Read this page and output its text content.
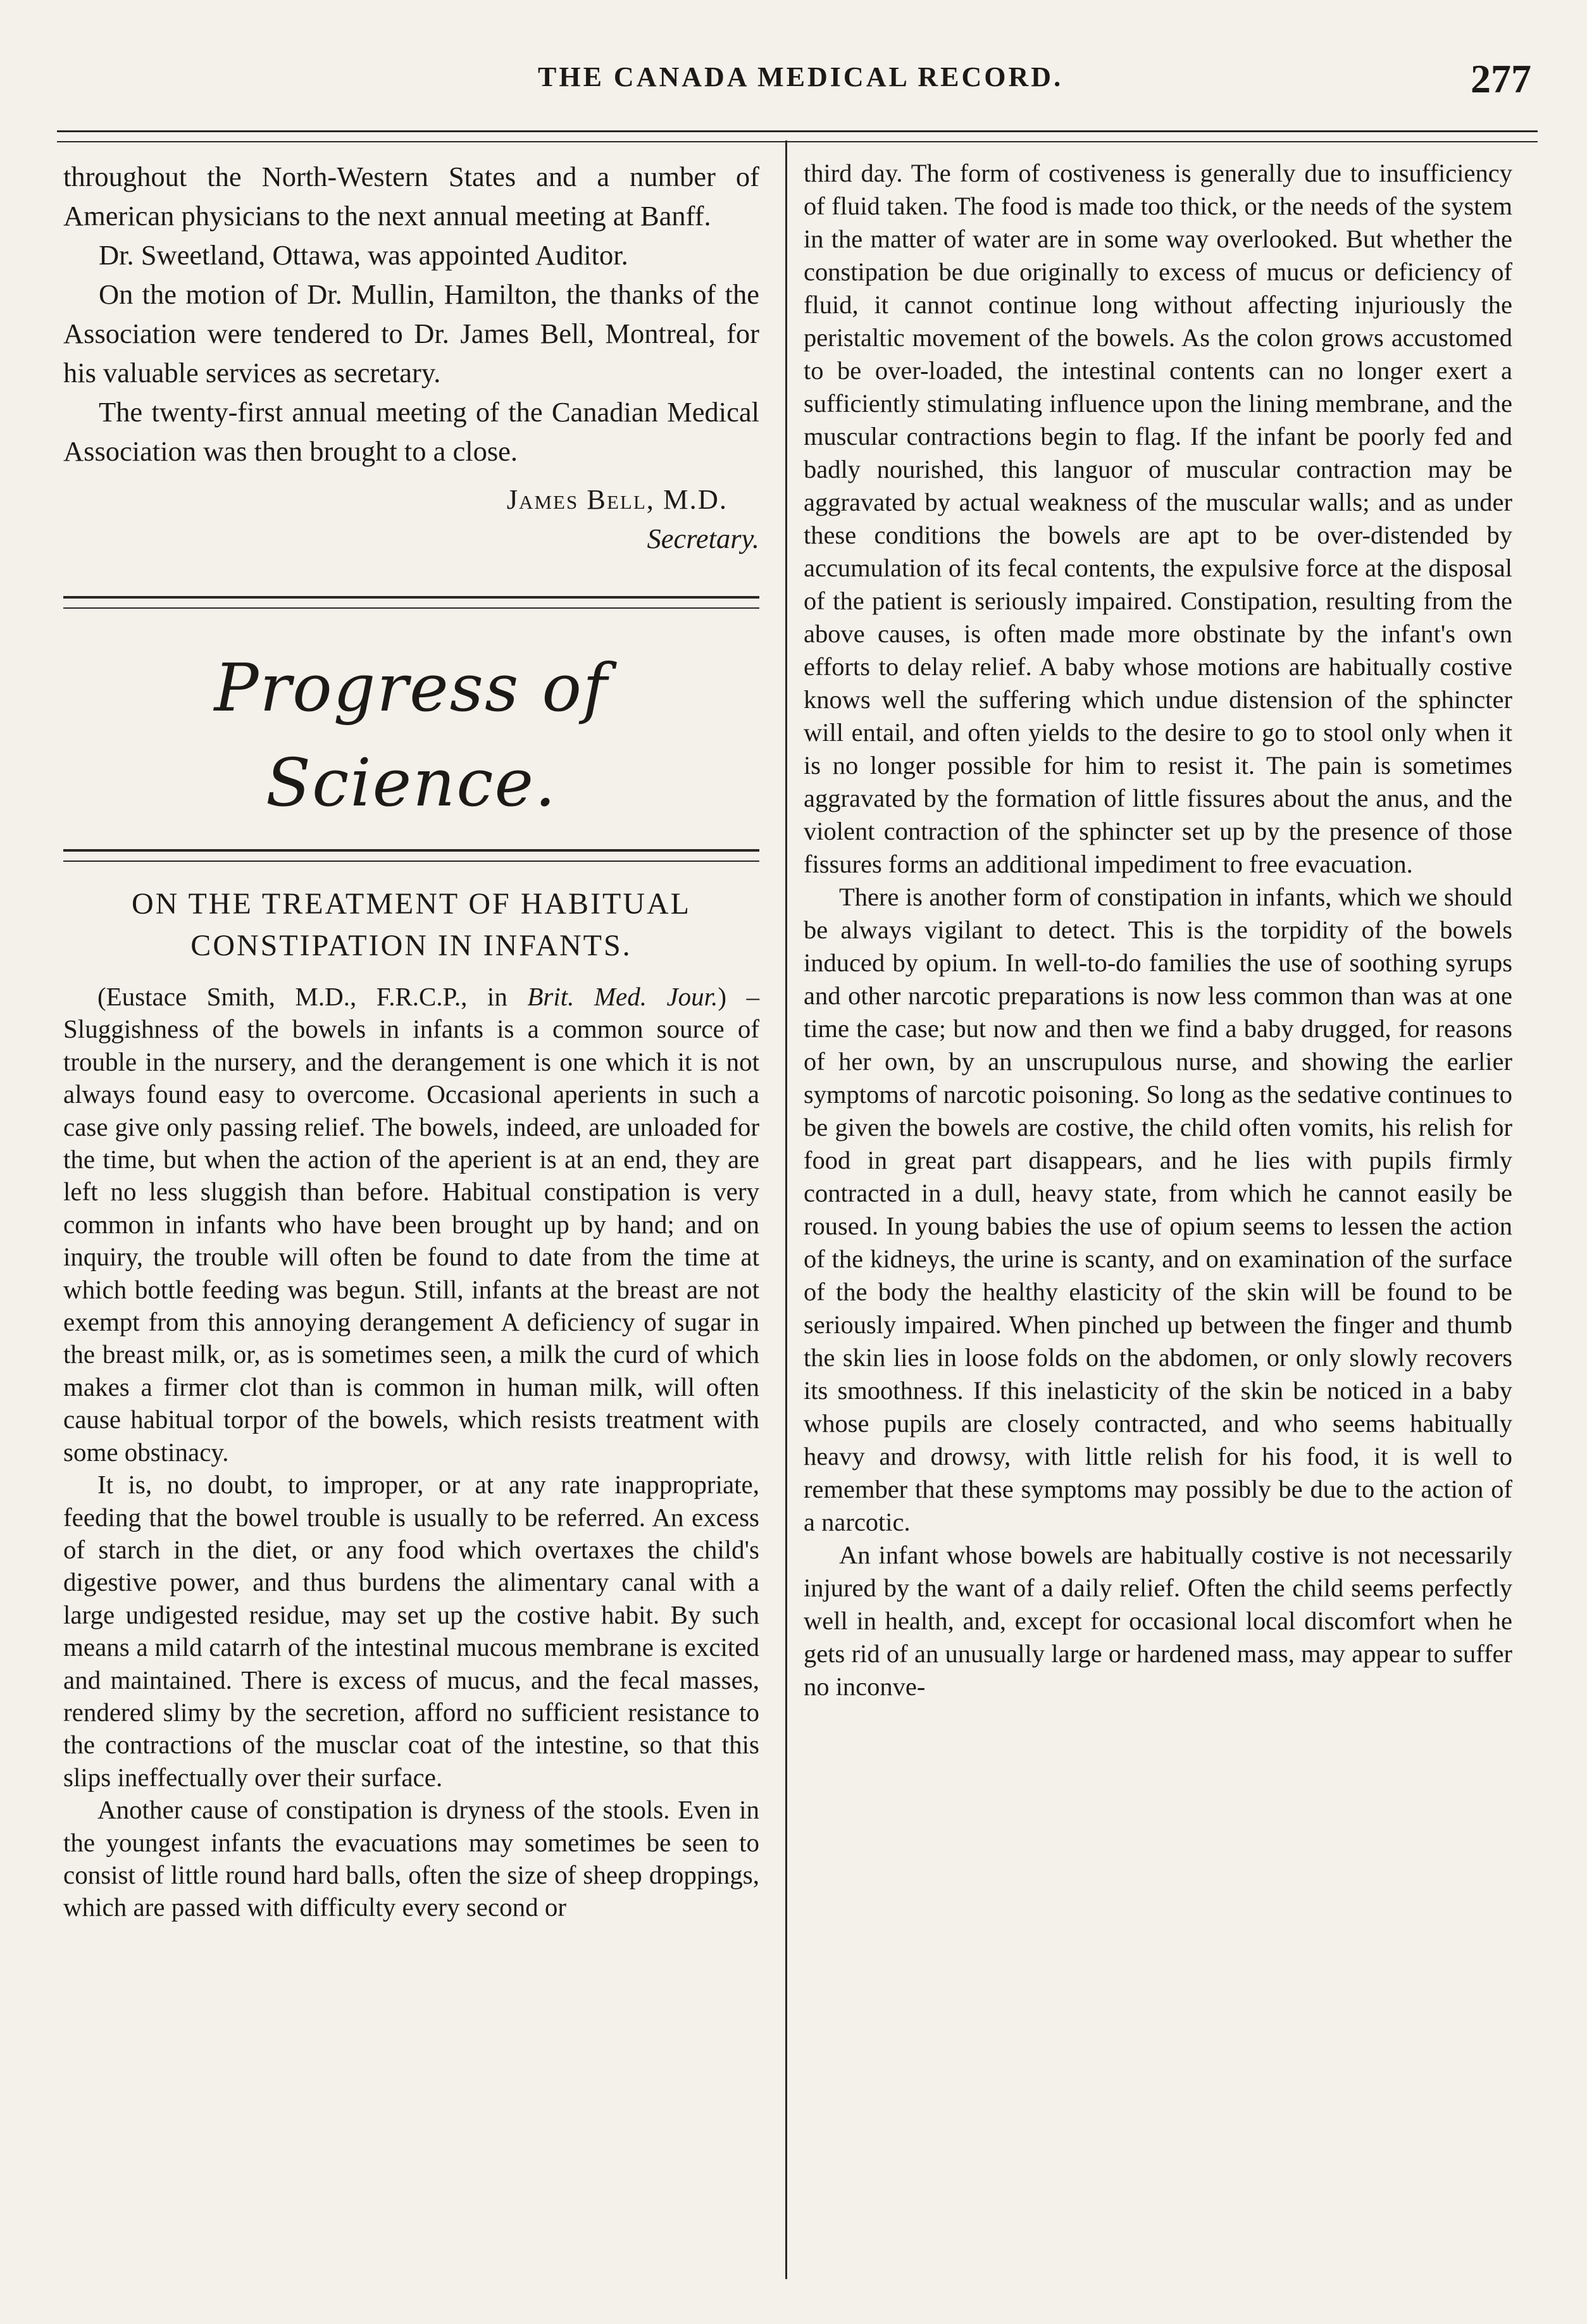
THE CANADA MEDICAL RECORD.	277

throughout the North-Western States and a number of American physicians to the next annual meeting at Banff.

Dr. Sweetland, Ottawa, was appointed Auditor.

On the motion of Dr. Mullin, Hamilton, the thanks of the Association were tendered to Dr. James Bell, Montreal, for his valuable services as secretary.

The twenty-first annual meeting of the Canadian Medical Association was then brought to a close.

James Bell, M.D.
Secretary.
Progress of Science.
ON THE TREATMENT OF HABITUAL CONSTIPATION IN INFANTS.

(Eustace Smith, M.D., F.R.C.P., in Brit. Med. Jour.) – Sluggishness of the bowels in infants is a common source of trouble in the nursery, and the derangement is one which it is not always found easy to overcome. Occasional aperients in such a case give only passing relief. The bowels, indeed, are unloaded for the time, but when the action of the aperient is at an end, they are left no less sluggish than before. Habitual constipation is very common in infants who have been brought up by hand; and on inquiry, the trouble will often be found to date from the time at which bottle feeding was begun. Still, infants at the breast are not exempt from this annoying derangement A deficiency of sugar in the breast milk, or, as is sometimes seen, a milk the curd of which makes a firmer clot than is common in human milk, will often cause habitual torpor of the bowels, which resists treatment with some obstinacy.

It is, no doubt, to improper, or at any rate inappropriate, feeding that the bowel trouble is usually to be referred. An excess of starch in the diet, or any food which overtaxes the child's digestive power, and thus burdens the alimentary canal with a large undigested residue, may set up the costive habit. By such means a mild catarrh of the intestinal mucous membrane is excited and maintained. There is excess of mucus, and the fecal masses, rendered slimy by the secretion, afford no sufficient resistance to the contractions of the musclar coat of the intestine, so that this slips ineffectually over their surface.

Another cause of constipation is dryness of the stools. Even in the youngest infants the evacuations may sometimes be seen to consist of little round hard balls, often the size of sheep droppings, which are passed with difficulty every second or

third day. The form of costiveness is generally due to insufficiency of fluid taken. The food is made too thick, or the needs of the system in the matter of water are in some way overlooked. But whether the constipation be due originally to excess of mucus or deficiency of fluid, it cannot continue long without affecting injuriously the peristaltic movement of the bowels. As the colon grows accustomed to be over-loaded, the intestinal contents can no longer exert a sufficiently stimulating influence upon the lining membrane, and the muscular contractions begin to flag. If the infant be poorly fed and badly nourished, this languor of muscular contraction may be aggravated by actual weakness of the muscular walls; and as under these conditions the bowels are apt to be over-distended by accumulation of its fecal contents, the expulsive force at the disposal of the patient is seriously impaired. Constipation, resulting from the above causes, is often made more obstinate by the infant's own efforts to delay relief. A baby whose motions are habitually costive knows well the suffering which undue distension of the sphincter will entail, and often yields to the desire to go to stool only when it is no longer possible for him to resist it. The pain is sometimes aggravated by the formation of little fissures about the anus, and the violent contraction of the sphincter set up by the presence of those fissures forms an additional impediment to free evacuation.

There is another form of constipation in infants, which we should be always vigilant to detect. This is the torpidity of the bowels induced by opium. In well-to-do families the use of soothing syrups and other narcotic preparations is now less common than was at one time the case; but now and then we find a baby drugged, for reasons of her own, by an unscrupulous nurse, and showing the earlier symptoms of narcotic poisoning. So long as the sedative continues to be given the bowels are costive, the child often vomits, his relish for food in great part disappears, and he lies with pupils firmly contracted in a dull, heavy state, from which he cannot easily be roused. In young babies the use of opium seems to lessen the action of the kidneys, the urine is scanty, and on examination of the surface of the body the healthy elasticity of the skin will be found to be seriously impaired. When pinched up between the finger and thumb the skin lies in loose folds on the abdomen, or only slowly recovers its smoothness. If this inelasticity of the skin be noticed in a baby whose pupils are closely contracted, and who seems habitually heavy and drowsy, with little relish for his food, it is well to remember that these symptoms may possibly be due to the action of a narcotic.

An infant whose bowels are habitually costive is not necessarily injured by the want of a daily relief. Often the child seems perfectly well in health, and, except for occasional local discomfort when he gets rid of an unusually large or hardened mass, may appear to suffer no inconve-
